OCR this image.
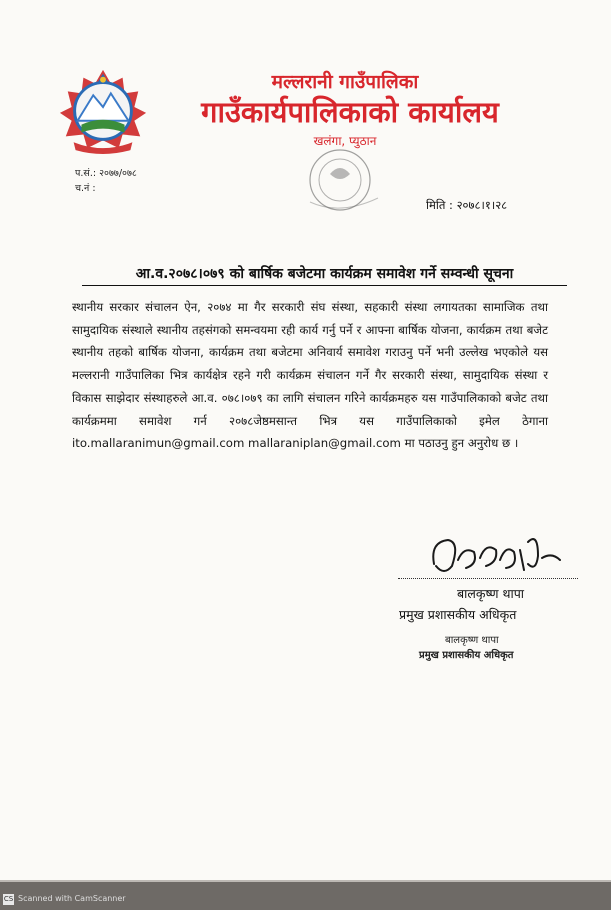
मल्लरानी गाउँपालिका
गाउँकार्यपालिकाको कार्यालय
खलंगा, प्युठान
प.सं.: २०७७/०७८
च.नं :
मिति : २०७८।१।२८
आ.व.२०७८।०७९ को बार्षिक बजेटमा कार्यक्रम समावेश गर्ने सम्वन्धी सूचना
स्थानीय सरकार संचालन ऐन, २०७४ मा गैर सरकारी संघ संस्था, सहकारी संस्था लगायतका सामाजिक तथा सामुदायिक संस्थाले स्थानीय तहसंगको समन्वयमा रही कार्य गर्नु पर्ने र आफ्ना बार्षिक योजना, कार्यक्रम तथा बजेट स्थानीय तहको बार्षिक योजना, कार्यक्रम तथा बजेटमा अनिवार्य समावेश गराउनु पर्ने भनी उल्लेख भएकोले यस मल्लरानी गाउँपालिका भित्र कार्यक्षेत्र रहने गरी कार्यक्रम संचालन गर्ने गैर सरकारी संस्था, सामुदायिक संस्था र विकास साझेदार संस्थाहरुले आ.व. ०७८।०७९ का लागि संचालन गरिने कार्यक्रमहरु यस गाउँपालिकाको बजेट तथा कार्यक्रममा समावेश गर्न २०७८जेष्ठमसान्त भित्र यस गाउँपालिकाको इमेल ठेगाना ito.mallaranimun@gmail.com mallaraniplan@gmail.com मा पठाउनु हुन अनुरोध छ ।
बालकृष्ण थापा
प्रमुख प्रशासकीय अधिकृत
बालकृष्ण थापा
प्रमुख प्रशासकीय अधिकृत
CS Scanned with CamScanner
